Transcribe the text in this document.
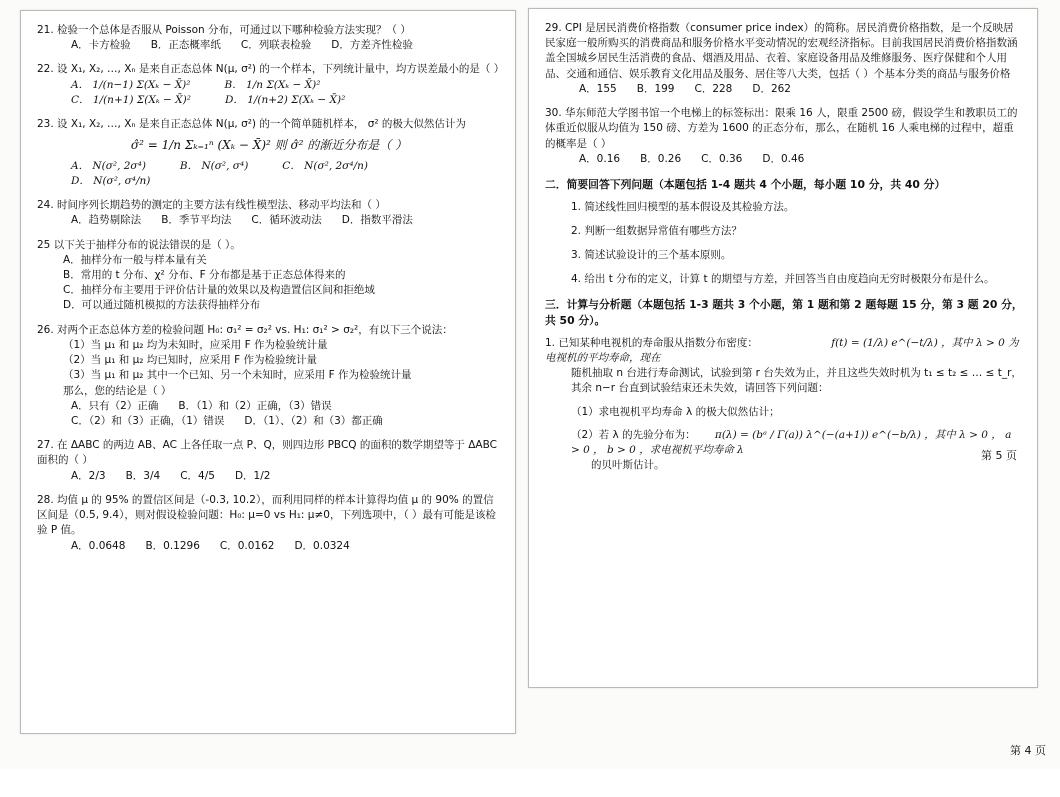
21. 检验一个总体是否服从 Poisson 分布，可通过以下哪种检验方法实现？（ ）
A．卡方检验 B．正态概率纸 C．列联表检验 D．方差齐性检验
22. 设 X₁, X₂, …, Xₙ 是来自正态总体 N(μ, σ²) 的一个样本，下列统计量中，均方误差最小的是（ ）
A． 1/(n−1) Σ(Xₖ − X̄)²	B． 1/n Σ(Xₖ − X̄)²
C． 1/(n+1) Σ(Xₖ − X̄)²	D． 1/(n+2) Σ(Xₖ − X̄)²
23. 设 X₁, X₂, …, Xₙ 是来自正态总体 N(μ, σ²) 的一个简单随机样本， σ² 的极大似然估计为
σ̂² = 1/n Σₖ₌₁ⁿ (Xₖ − X̄)² 则 σ̂² 的渐近分布是（ ）
A． N(σ², 2σ⁴)	B． N(σ², σ⁴)	C． N(σ², 2σ⁴/n)
D． N(σ², σ⁴/n)
24. 时间序列长期趋势的测定的主要方法有线性模型法、移动平均法和（ ）
A．趋势剔除法 B．季节平均法 C．循环波动法 D．指数平滑法
25 以下关于抽样分布的说法错误的是（ ）。
A．抽样分布一般与样本量有关
B．常用的 t 分布、χ² 分布、F 分布都是基于正态总体得来的
C．抽样分布主要用于评价估计量的效果以及构造置信区间和拒绝域
D．可以通过随机模拟的方法获得抽样分布
26. 对两个正态总体方差的检验问题 H₀: σ₁² = σ₂² vs. H₁: σ₁² > σ₂²，有以下三个说法：
（1）当 μ₁ 和 μ₂ 均为未知时，应采用 F 作为检验统计量
（2）当 μ₁ 和 μ₂ 均已知时，应采用 F 作为检验统计量
（3）当 μ₁ 和 μ₂ 其中一个已知、另一个未知时，应采用 F 作为检验统计量
那么，您的结论是（ ）
A．只有（2）正确 B．（1）和（2）正确，（3）错误
C．（2）和（3）正确，（1）错误 D．（1）、（2）和（3）都正确
27. 在 ΔABC 的两边 AB、AC 上各任取一点 P、Q，则四边形 PBCQ 的面积的数学期望等于 ΔABC 面积的（ ）
A．2/3 B．3/4 C．4/5 D．1/2
28. 均值 μ 的 95% 的置信区间是（-0.3, 10.2），而利用同样的样本计算得均值 μ 的 90% 的置信区间是（0.5, 9.4），则对假设检验问题：H₀: μ=0 vs H₁: μ≠0，下列选项中，（ ）最有可能是该检验 P 值。
A．0.0648 B．0.1296 C．0.0162 D．0.0324
第 4 页
29. CPI 是居民消费价格指数（consumer price index）的简称。居民消费价格指数，是一个反映居民家庭一般所购买的消费商品和服务价格水平变动情况的宏观经济指标。目前我国居民消费价格指数涵盖全国城乡居民生活消费的食品、烟酒及用品、衣着、家庭设备用品及维修服务、医疗保健和个人用品、交通和通信、娱乐教育文化用品及服务、居住等八大类，包括（ ）个基本分类的商品与服务价格
A．155 B．199 C．228 D．262
30. 华东师范大学图书馆一个电梯上的标签标出：限乘 16 人，限重 2500 磅，假设学生和教职员工的体重近似服从均值为 150 磅、方差为 1600 的正态分布，那么，在随机 16 人乘电梯的过程中，超重的概率是（ ）
A．0.16 B．0.26 C．0.36 D．0.46
二．简要回答下列问题（本题包括 1-4 题共 4 个小题，每小题 10 分，共 40 分）
1. 简述线性回归模型的基本假设及其检验方法。
2. 判断一组数据异常值有哪些方法？
3. 简述试验设计的三个基本原则。
4. 给出 t 分布的定义，计算 t 的期望与方差，并回答当自由度趋向无穷时极限分布是什么。
三．计算与分析题（本题包括 1-3 题共 3 个小题，第 1 题和第 2 题每题 15 分，第 3 题 20 分，共 50 分）。
1. 已知某种电视机的寿命服从指数分布密度：	f(t) = (1/λ) e^(−t/λ) ，其中 λ > 0 为电视机的平均寿命，现在
随机抽取 n 台进行寿命测试，试验到第 r 台失效为止，并且这些失效时机为 t₁ ≤ t₂ ≤ … ≤ t_r，其余 n−r 台直到试验结束还未失效，请回答下列问题：
（1）求电视机平均寿命 λ 的极大似然估计；
（2）若 λ 的先验分布为： π(λ) = (bᵃ / Γ(a)) λ^(−(a+1)) e^(−b/λ) ，其中 λ > 0 ， a > 0 ， b > 0 ，求电视机平均寿命 λ
的贝叶斯估计。
第 5 页
